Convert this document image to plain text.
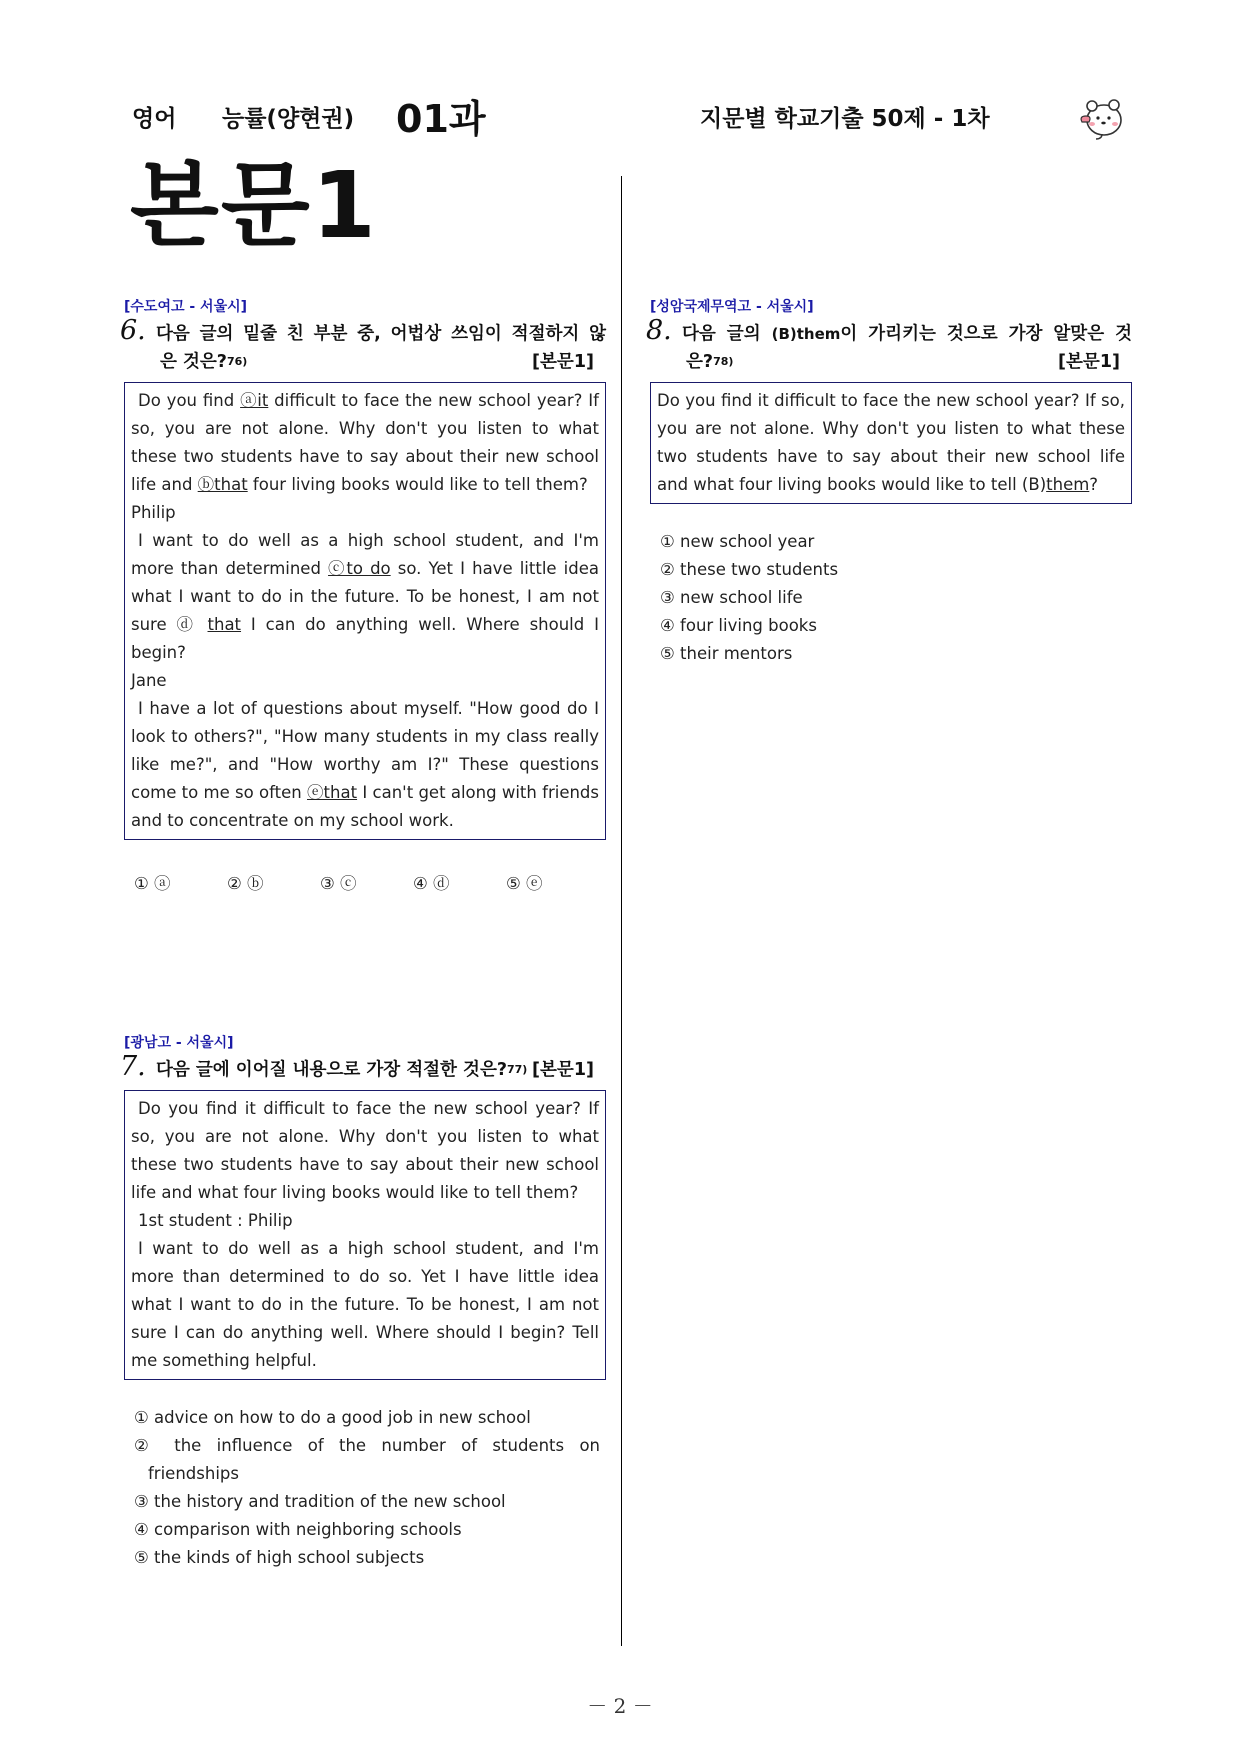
영어 능률(양현권) 01과	지문별 학교기출 50제 - 1차
본문1
[수도여고 - 서울시]
6. 다음 글의 밑줄 친 부분 중, 어법상 쓰임이 적절하지 않
은 것은?76)	[본문1]

Do you find ⓐit difficult to face the new school year? If so, you are not alone. Why don't you listen to what these two students have to say about their new school life and ⓑthat four living books would like to tell them?

Philip

I want to do well as a high school student, and I'm more than determined ⓒto do so. Yet I have little idea what I want to do in the future. To be honest, I am not sure ⓓ that I can do anything well. Where should I begin?

Jane

I have a lot of questions about myself. "How good do I look to others?", "How many students in my class really like me?", and "How worthy am I?" These questions come to me so often ⓔthat I can't get along with friends and to concentrate on my school work.

① ⓐ	② ⓑ	③ ⓒ	④ ⓓ	⑤ ⓔ
[광남고 - 서울시]
7. 다음 글에 이어질 내용으로 가장 적절한 것은?77) [본문1]

Do you find it difficult to face the new school year? If so, you are not alone. Why don't you listen to what these two students have to say about their new school life and what four living books would like to tell them?

1st student : Philip

I want to do well as a high school student, and I'm more than determined to do so. Yet I have little idea what I want to do in the future. To be honest, I am not sure I can do anything well. Where should I begin? Tell me something helpful.

① advice on how to do a good job in new school
② the influence of the number of students on
friendships
③ the history and tradition of the new school
④ comparison with neighboring schools
⑤ the kinds of high school subjects
[성암국제무역고 - 서울시]
8. 다음 글의 (B)them이 가리키는 것으로 가장 알맞은 것
은?78)	[본문1]

Do you find it difficult to face the new school year? If so, you are not alone. Why don't you listen to what these two students have to say about their new school life and what four living books would like to tell (B)them?

① new school year
② these two students
③ new school life
④ four living books
⑤ their mentors
－ 2 －
